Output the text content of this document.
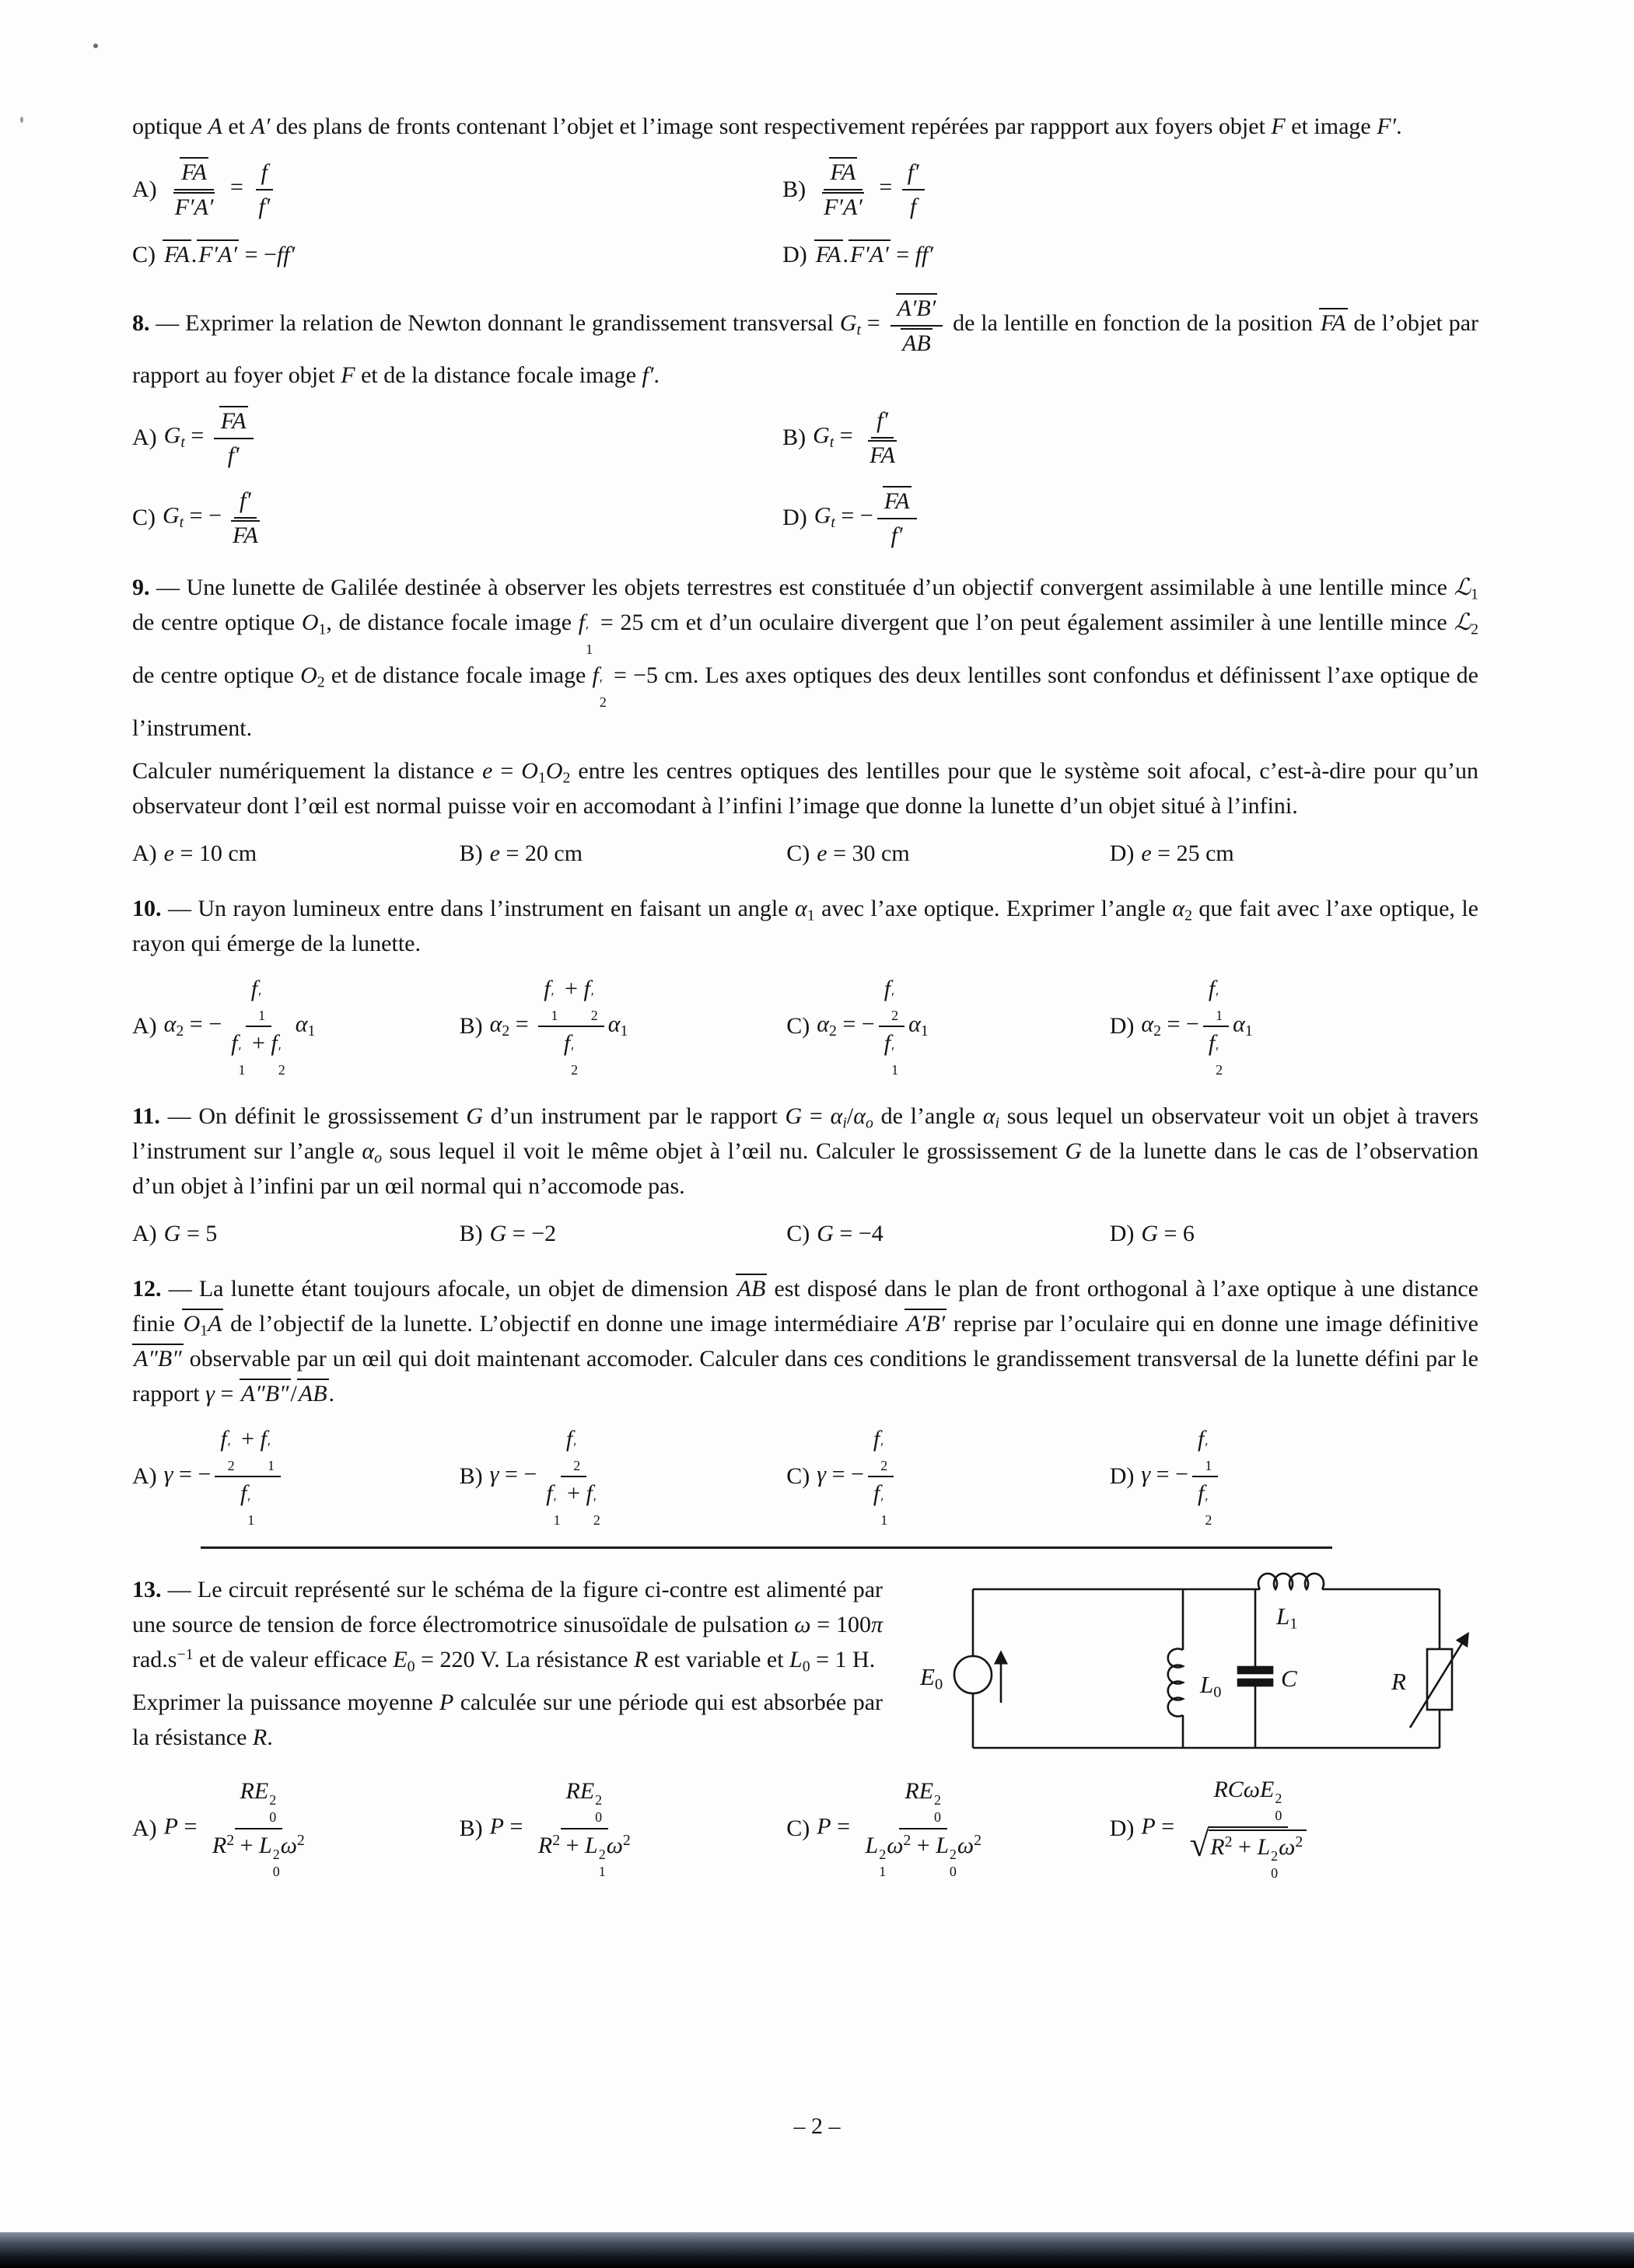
optique A et A′ des plans de fronts contenant l’objet et l’image sont respectivement repérées par rappport aux foyers objet F et image F′.

$A) \frac{FA}{F'A'} = \frac{f}{f'}$	$B) \frac{FA}{F'A'} = \frac{f'}{f}$
C) FA.F′A′ = −ff′	D) FA.F′A′ = ff′

8. — Exprimer la relation de Newton donnant le grandissement transversal $G_t = \frac{A'B'}{AB}$ de la lentille en fonction de la position FA de l’objet par rapport au foyer objet F et de la distance focale image f′.

A) $G_t = \frac{FA}{f'}$	B) $G_t = \frac{f'}{FA}$
C) $G_t$ = − $\frac{f'}{FA}$	D) $G_t$ = − $\frac{FA}{f'}$

9. — Une lunette de Galilée destinée à observer les objets terrestres est constituée d’un objectif convergent assimilable à une lentille mince ℒ$_1$ de centre optique $O_1$, de distance focale image f ′
1
= 25 cm et d’un oculaire divergent que l’on peut également assimiler à une lentille mince ℒ$_2$ de centre optique $O_2$ et de distance focale image f ′
2
= −5 cm. Les axes optiques des deux lentilles sont confondus et définissent l’axe optique de l’instrument.

Calculer numériquement la distance $e = O_1O_2$ entre les centres optiques des lentilles pour que le système soit afocal, c’est-à-dire pour qu’un observateur dont l’œil est normal puisse voir en accomodant à l’infini l’image que donne la lunette d’un objet situé à l’infini.

A) e = 10 cm	B) e = 20 cm	C) e = 30 cm	D) e = 25 cm

10. — Un rayon lumineux entre dans l’instrument en faisant un angle $\alpha_1$ avec l’axe optique. Exprimer l’angle $\alpha_2$ que fait avec l’axe optique, le rayon qui émerge de la lunette.

A) $\alpha_2$ = − f ′
1
f ′
1
+ f ′
2 $\alpha_1$	B) $\alpha_2 = f$ ′
1
+ f ′
2
f ′
2 $\alpha_1$	C) $\alpha_2$ = − f ′
2
f ′
1 $\alpha_1$	D) $\alpha_2$ = − f ′
1
f ′
2 $\alpha_1$

11. — On définit le grossissement G d’un instrument par le rapport $G = \alpha_i/\alpha_o$ de l’angle $\alpha_i$ sous lequel un observateur voit un objet à travers l’instrument sur l’angle $\alpha_o$ sous lequel il voit le même objet à l’œil nu. Calculer le grossissement G de la lunette dans le cas de l’observation d’un objet à l’infini par un œil normal qui n’accomode pas.

A) G = 5	B) G = −2	C) G = −4	D) G = 6

12. — La lunette étant toujours afocale, un objet de dimension AB est disposé dans le plan de front orthogonal à l’axe optique à une distance finie $O_1A$ de l’objectif de la lunette. L’objectif en donne une image intermédiaire A′B′ reprise par l’oculaire qui en donne une image définitive A″B″ observable par un œil qui doit maintenant accomoder. Calculer dans ces conditions le grandissement transversal de la lunette défini par le rapport γ = A″B″/AB.

A) γ = − f ′
2
+ f ′
1
f ′
1	B) γ = − f ′
2
f ′
1
+ f ′
2	C) γ = − f ′
2
f ′
1	D) γ = − f ′
1
f ′
2

13. — Le circuit représenté sur le schéma de la figure ci-contre est alimenté par une source de tension de force électromotrice sinusoïdale de pulsation ω = 100π $rad.s^{-1}$ et de valeur efficace $E_0 = 220$ V. La résistance R est variable et $L_0 = 1$ H.

Exprimer la puissance moyenne P calculée sur une période qui est absorbée par la résistance R.

$E_0$	$L_0$
C
$L_1$
R
A) P = RE 2
0
$R^2 + L$ 2
0
$\omega^2$	B) P = RE 2
0
$R^2 + L$ 2
1
$\omega^2$	C) P = RE 2
0
L 2
1
$\omega^2 + L$ 2
0
$\omega^2$	D) P = RCωE 2
0
√ $R^2 + L$ 2
0
$\omega^2$
– 2 –
